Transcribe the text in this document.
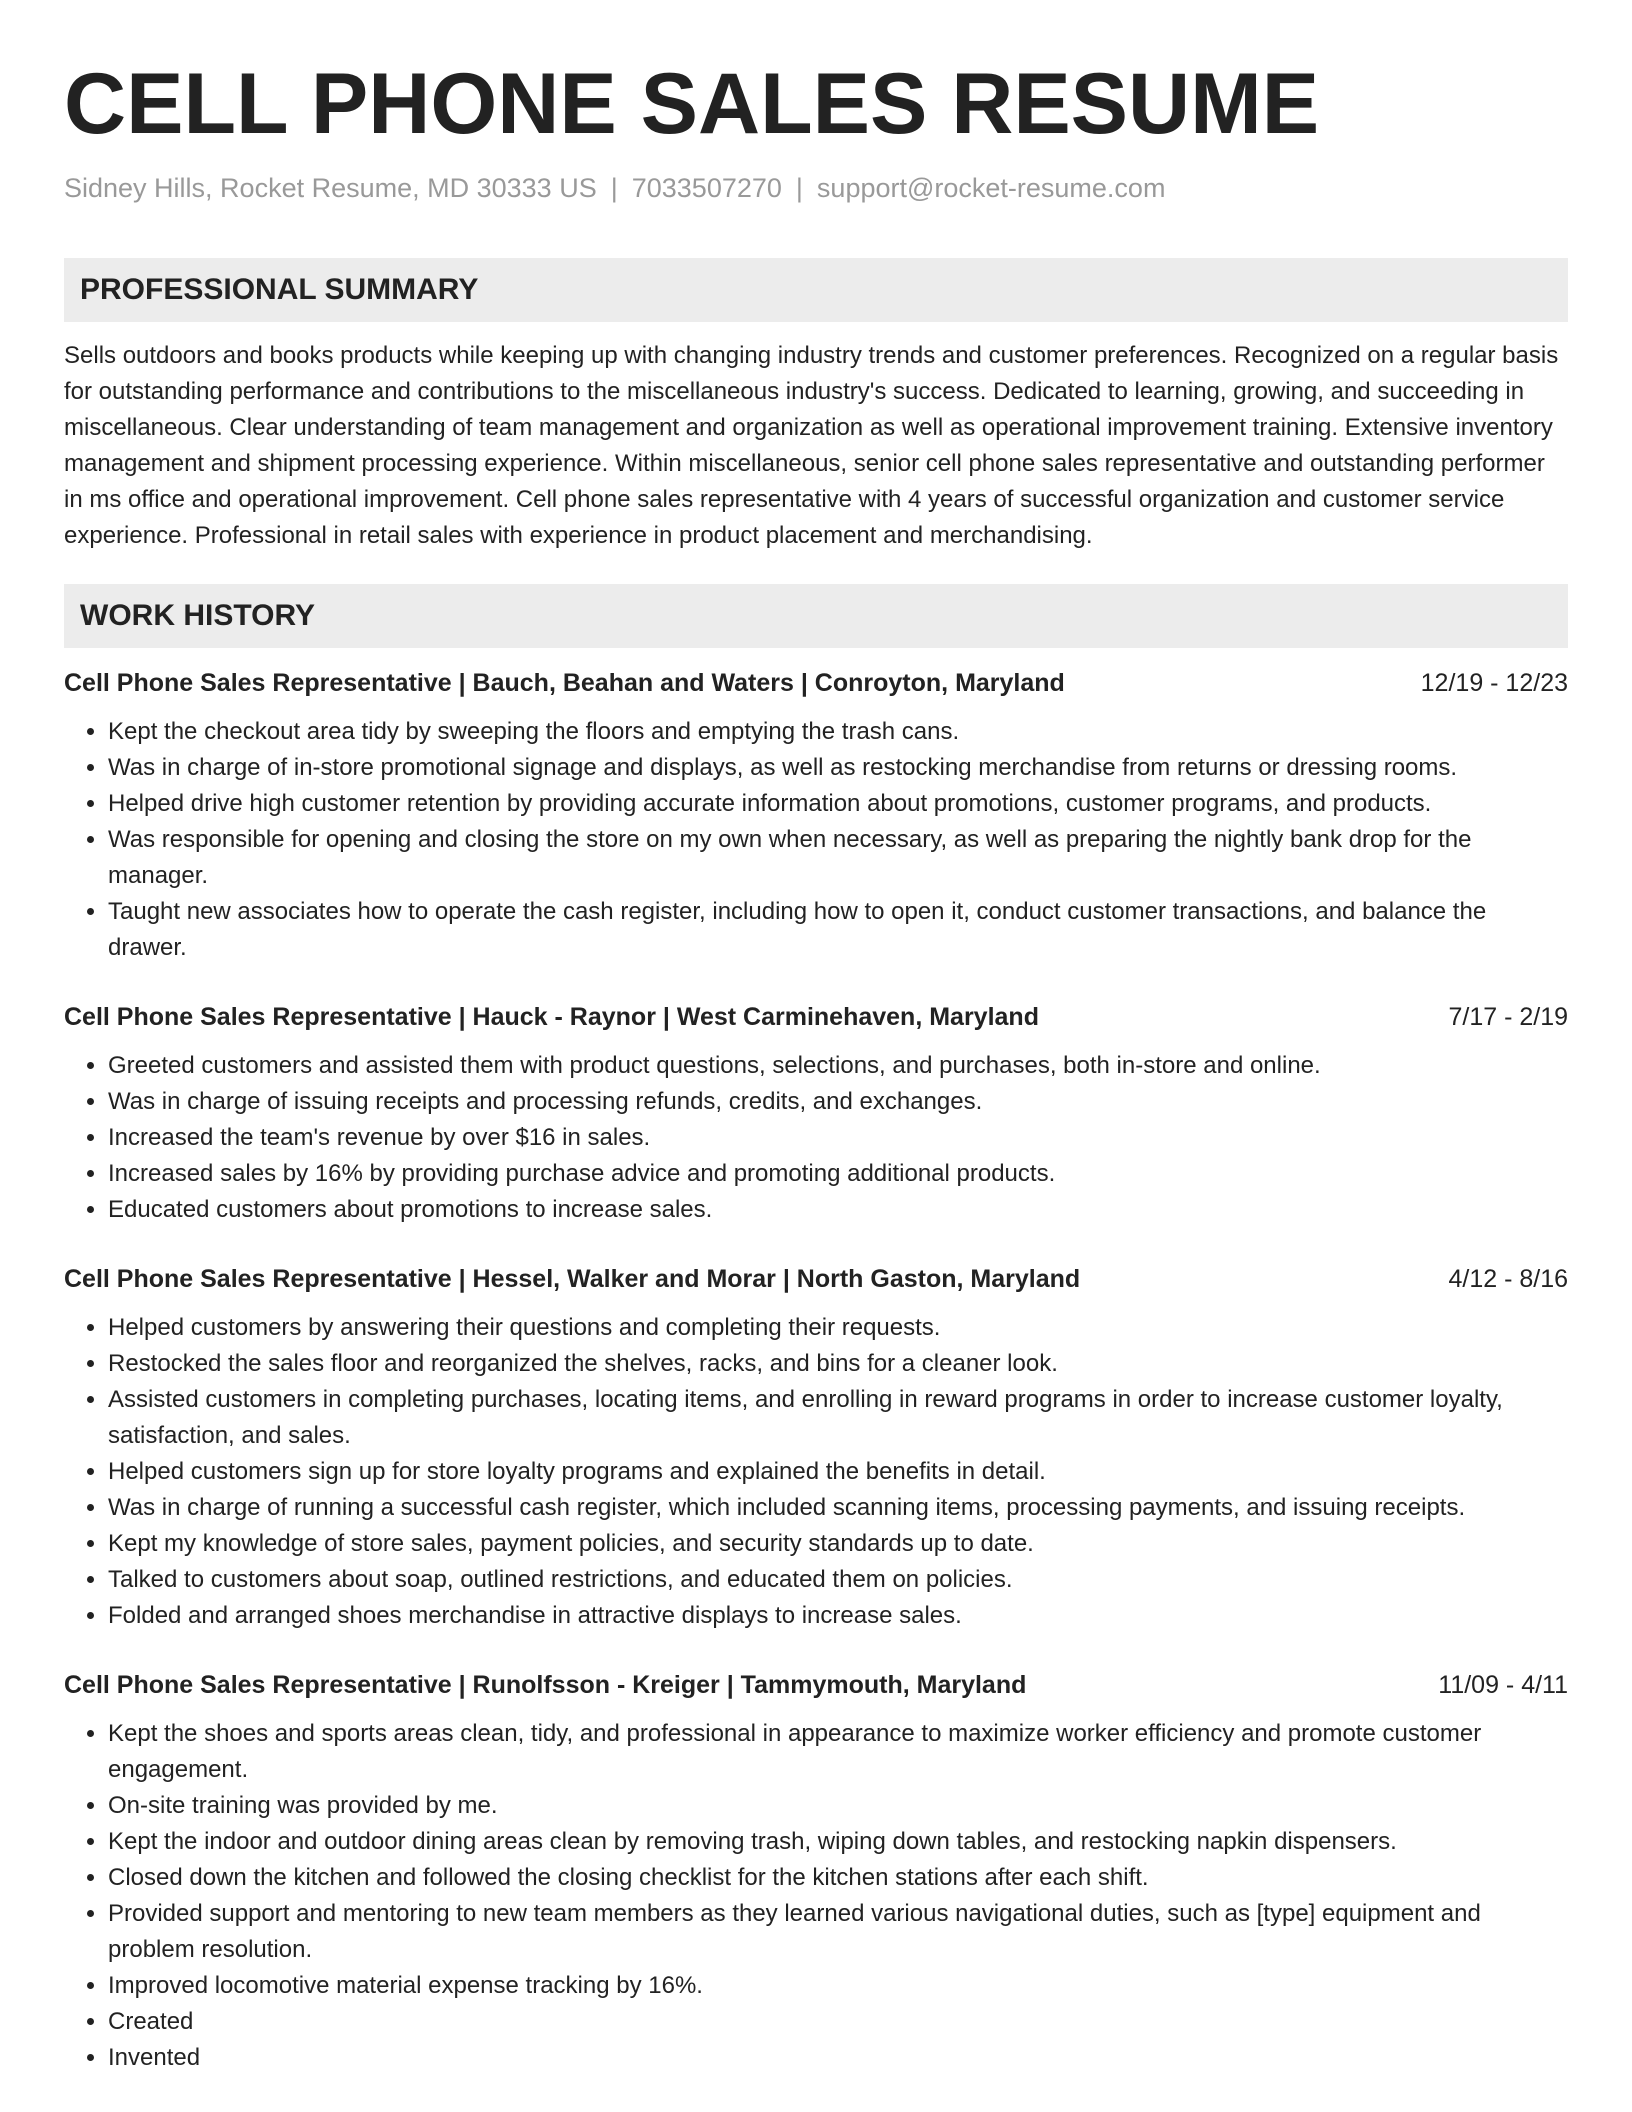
CELL PHONE SALES RESUME
Sidney Hills, Rocket Resume, MD 30333 US | 7033507270 | support@rocket-resume.com
PROFESSIONAL SUMMARY
Sells outdoors and books products while keeping up with changing industry trends and customer preferences. Recognized on a regular basis for outstanding performance and contributions to the miscellaneous industry's success. Dedicated to learning, growing, and succeeding in miscellaneous. Clear understanding of team management and organization as well as operational improvement training. Extensive inventory management and shipment processing experience. Within miscellaneous, senior cell phone sales representative and outstanding performer in ms office and operational improvement. Cell phone sales representative with 4 years of successful organization and customer service experience. Professional in retail sales with experience in product placement and merchandising.
WORK HISTORY
Cell Phone Sales Representative | Bauch, Beahan and Waters | Conroyton, Maryland	12/19 - 12/23
• Kept the checkout area tidy by sweeping the floors and emptying the trash cans.
• Was in charge of in-store promotional signage and displays, as well as restocking merchandise from returns or dressing rooms.
• Helped drive high customer retention by providing accurate information about promotions, customer programs, and products.
• Was responsible for opening and closing the store on my own when necessary, as well as preparing the nightly bank drop for the manager.
• Taught new associates how to operate the cash register, including how to open it, conduct customer transactions, and balance the drawer.
Cell Phone Sales Representative | Hauck - Raynor | West Carminehaven, Maryland	7/17 - 2/19
• Greeted customers and assisted them with product questions, selections, and purchases, both in-store and online.
• Was in charge of issuing receipts and processing refunds, credits, and exchanges.
• Increased the team's revenue by over $16 in sales.
• Increased sales by 16% by providing purchase advice and promoting additional products.
• Educated customers about promotions to increase sales.
Cell Phone Sales Representative | Hessel, Walker and Morar | North Gaston, Maryland	4/12 - 8/16
• Helped customers by answering their questions and completing their requests.
• Restocked the sales floor and reorganized the shelves, racks, and bins for a cleaner look.
• Assisted customers in completing purchases, locating items, and enrolling in reward programs in order to increase customer loyalty, satisfaction, and sales.
• Helped customers sign up for store loyalty programs and explained the benefits in detail.
• Was in charge of running a successful cash register, which included scanning items, processing payments, and issuing receipts.
• Kept my knowledge of store sales, payment policies, and security standards up to date.
• Talked to customers about soap, outlined restrictions, and educated them on policies.
• Folded and arranged shoes merchandise in attractive displays to increase sales.
Cell Phone Sales Representative | Runolfsson - Kreiger | Tammymouth, Maryland	11/09 - 4/11
• Kept the shoes and sports areas clean, tidy, and professional in appearance to maximize worker efficiency and promote customer engagement.
• On-site training was provided by me.
• Kept the indoor and outdoor dining areas clean by removing trash, wiping down tables, and restocking napkin dispensers.
• Closed down the kitchen and followed the closing checklist for the kitchen stations after each shift.
• Provided support and mentoring to new team members as they learned various navigational duties, such as [type] equipment and problem resolution.
• Improved locomotive material expense tracking by 16%.
• Created
• Invented
